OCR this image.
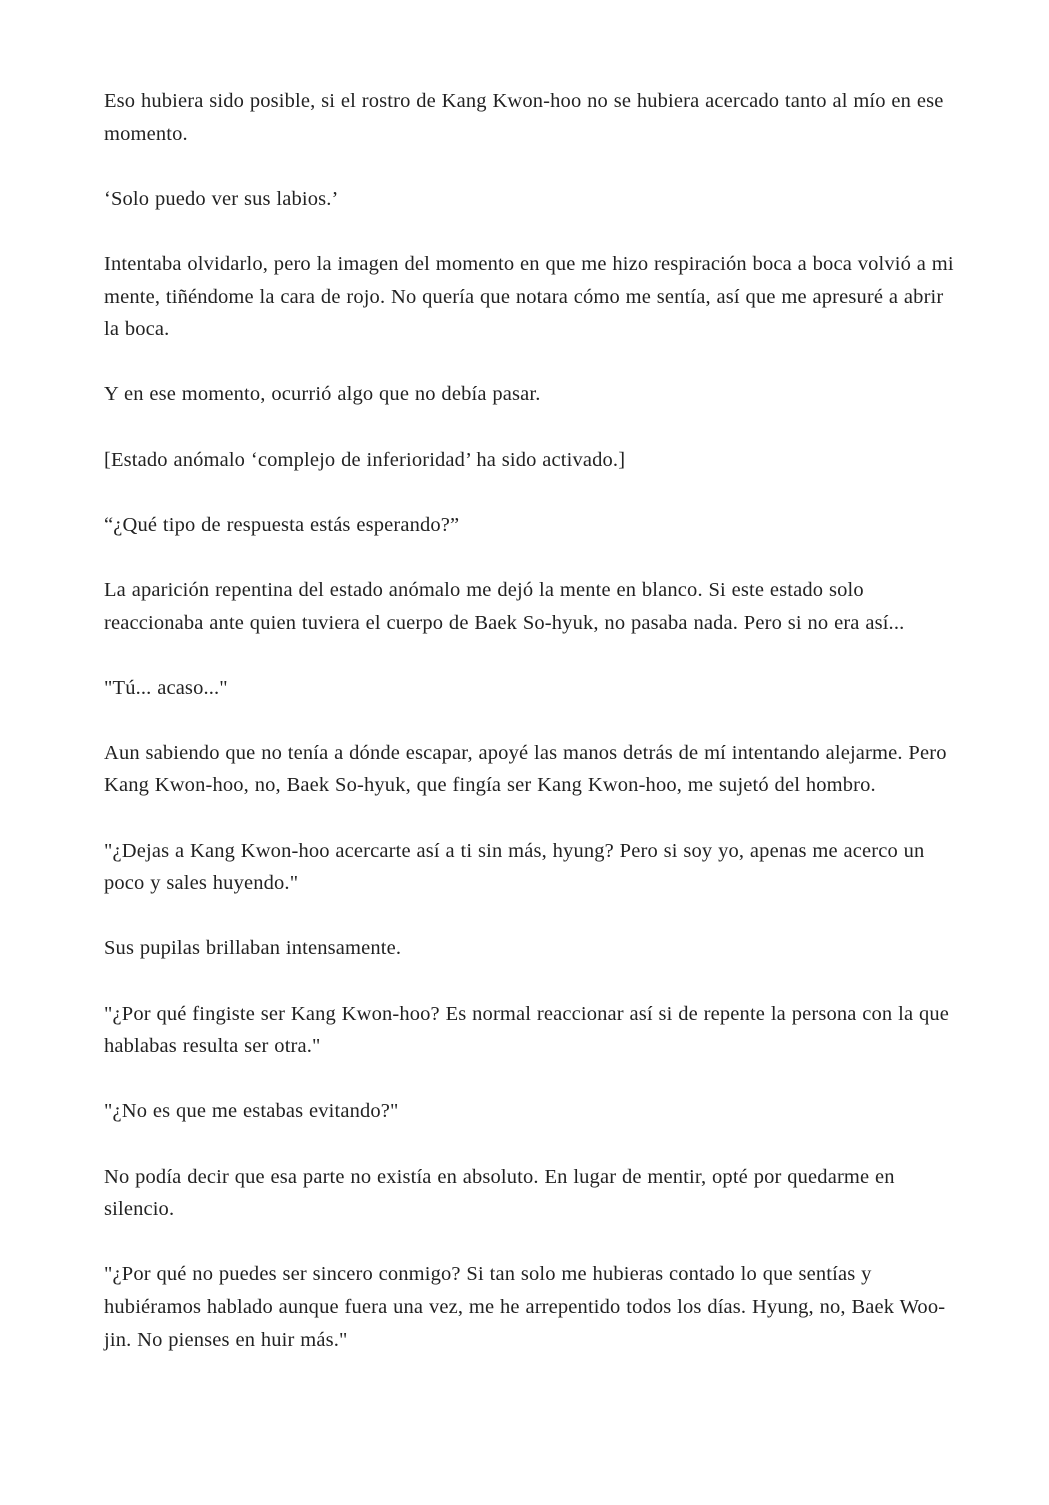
Eso hubiera sido posible, si el rostro de Kang Kwon-hoo no se hubiera acercado tanto al mío en ese momento.

‘Solo puedo ver sus labios.’

Intentaba olvidarlo, pero la imagen del momento en que me hizo respiración boca a boca volvió a mi mente, tiñéndome la cara de rojo. No quería que notara cómo me sentía, así que me apresuré a abrir la boca.

Y en ese momento, ocurrió algo que no debía pasar.

[Estado anómalo ‘complejo de inferioridad’ ha sido activado.]

“¿Qué tipo de respuesta estás esperando?”

La aparición repentina del estado anómalo me dejó la mente en blanco. Si este estado solo reaccionaba ante quien tuviera el cuerpo de Baek So-hyuk, no pasaba nada. Pero si no era así...

"Tú... acaso..."

Aun sabiendo que no tenía a dónde escapar, apoyé las manos detrás de mí intentando alejarme. Pero Kang Kwon-hoo, no, Baek So-hyuk, que fingía ser Kang Kwon-hoo, me sujetó del hombro.

"¿Dejas a Kang Kwon-hoo acercarte así a ti sin más, hyung? Pero si soy yo, apenas me acerco un poco y sales huyendo."

Sus pupilas brillaban intensamente.

"¿Por qué fingiste ser Kang Kwon-hoo? Es normal reaccionar así si de repente la persona con la que hablabas resulta ser otra."

"¿No es que me estabas evitando?"

No podía decir que esa parte no existía en absoluto. En lugar de mentir, opté por quedarme en silencio.

"¿Por qué no puedes ser sincero conmigo? Si tan solo me hubieras contado lo que sentías y hubiéramos hablado aunque fuera una vez, me he arrepentido todos los días. Hyung, no, Baek Woo-jin. No pienses en huir más."
